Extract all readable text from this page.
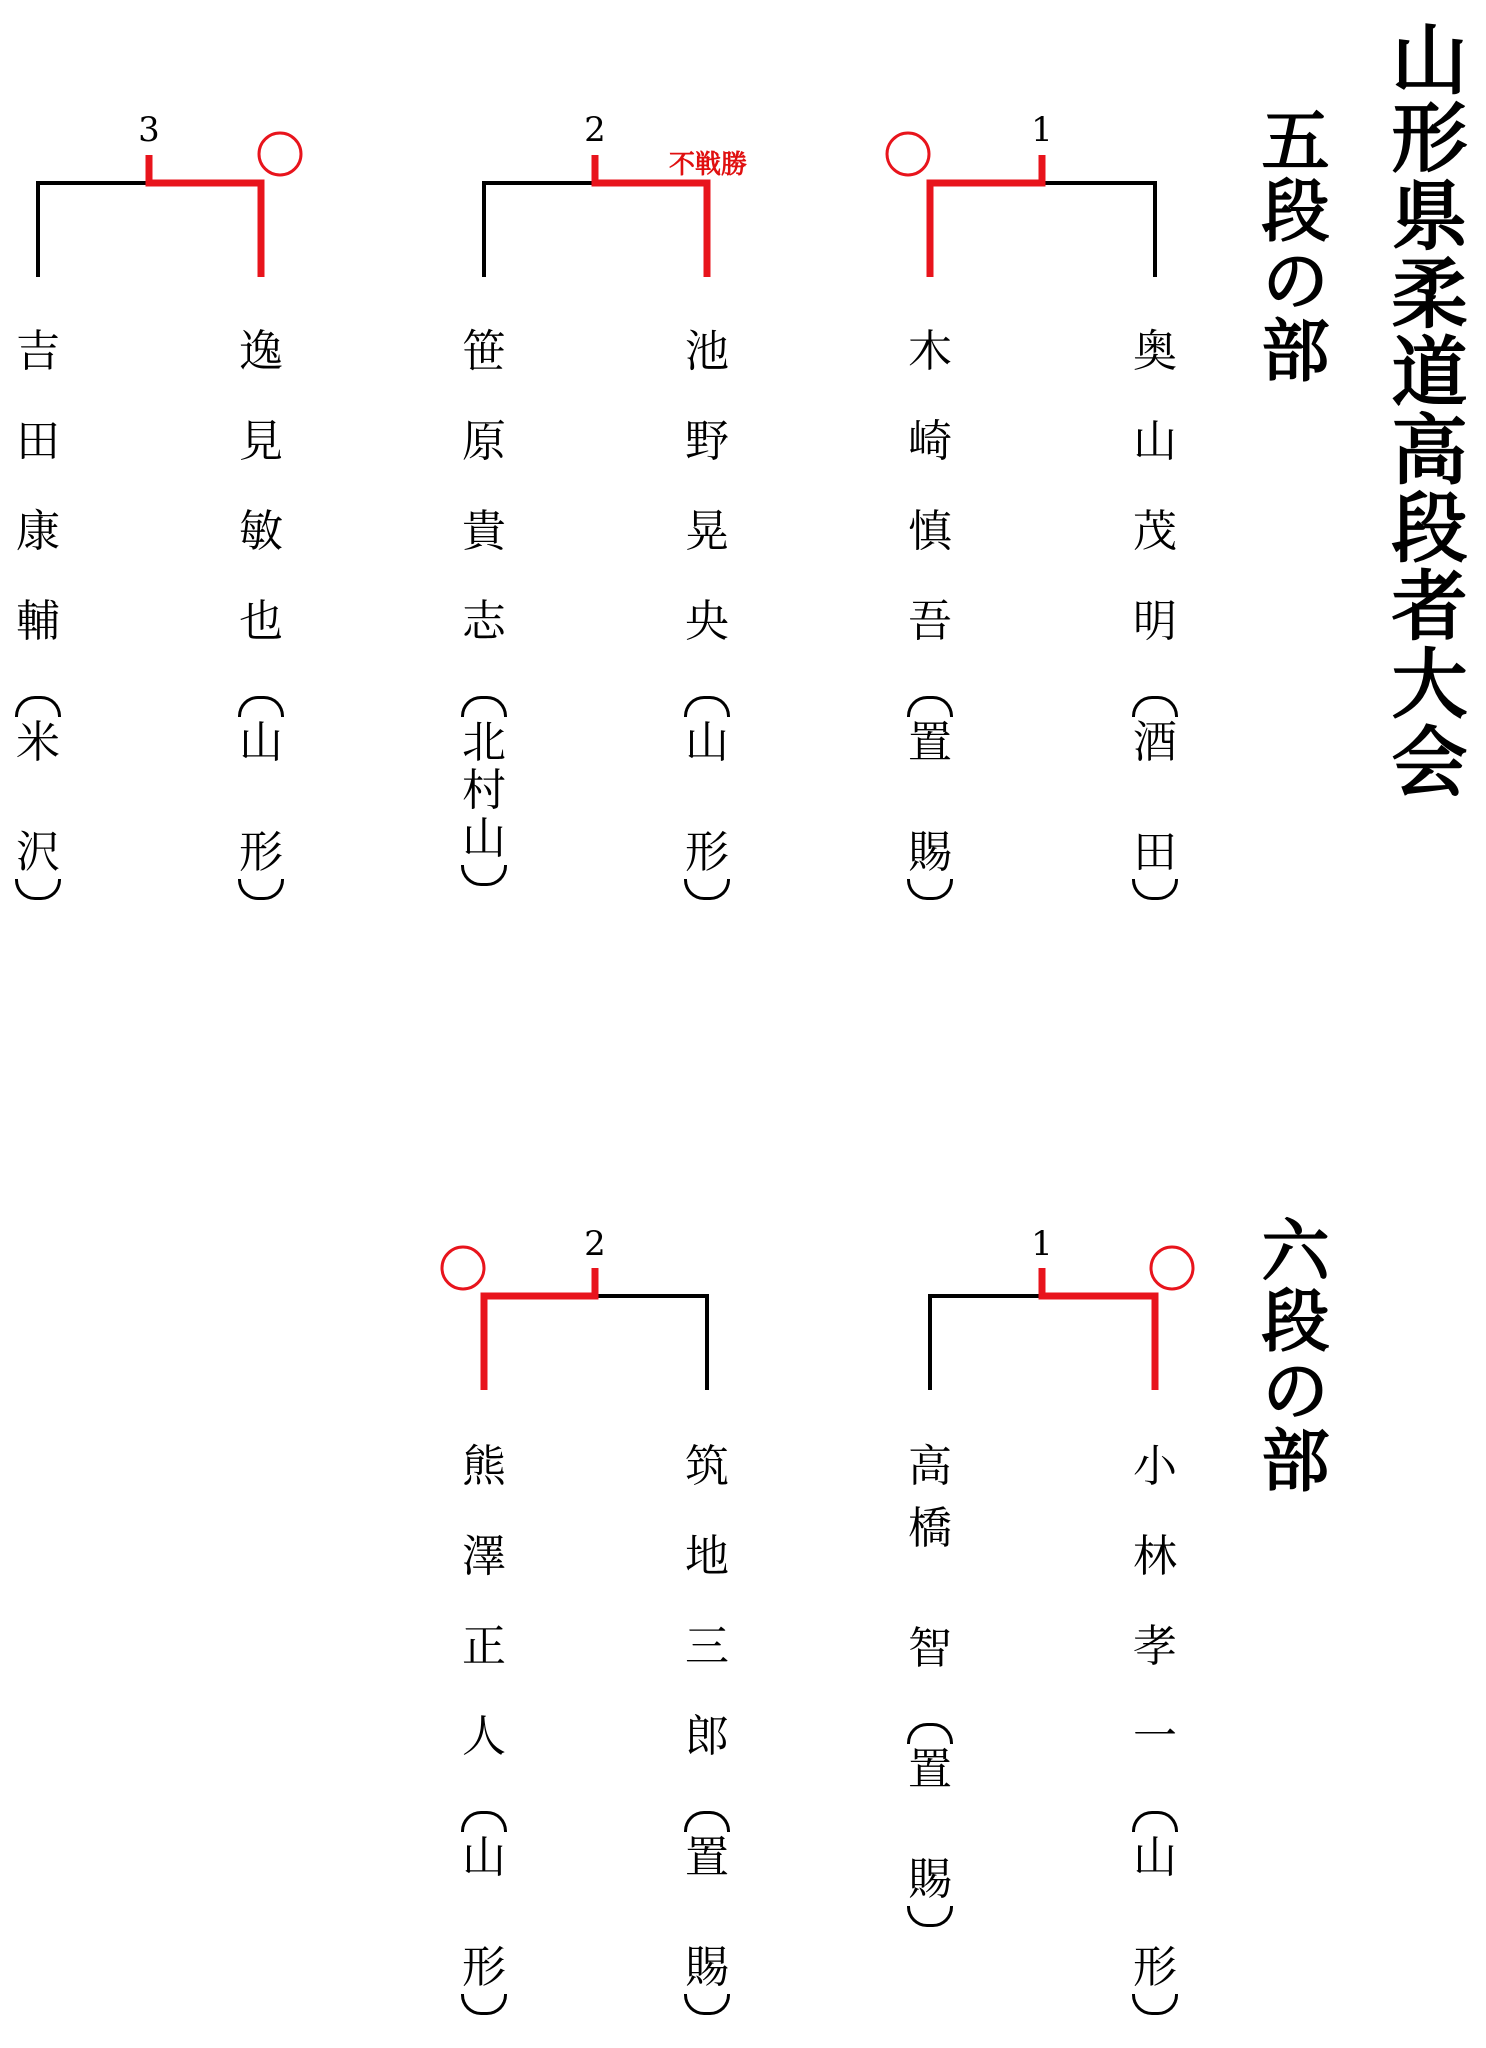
山形県柔道高段者大会
五段の部
六段の部
1
2
不戦勝
3
1
2
奥
山
茂
明
酒
田
木
崎
慎
吾
置
賜
池
野
晃
央
山
形
笹
原
貴
志
北
村
山
逸
見
敏
也
山
形
吉
田
康
輔
米
沢
小
林
孝
一
山
形
高
橋
智
置
賜
筑
地
三
郎
置
賜
熊
澤
正
人
山
形
